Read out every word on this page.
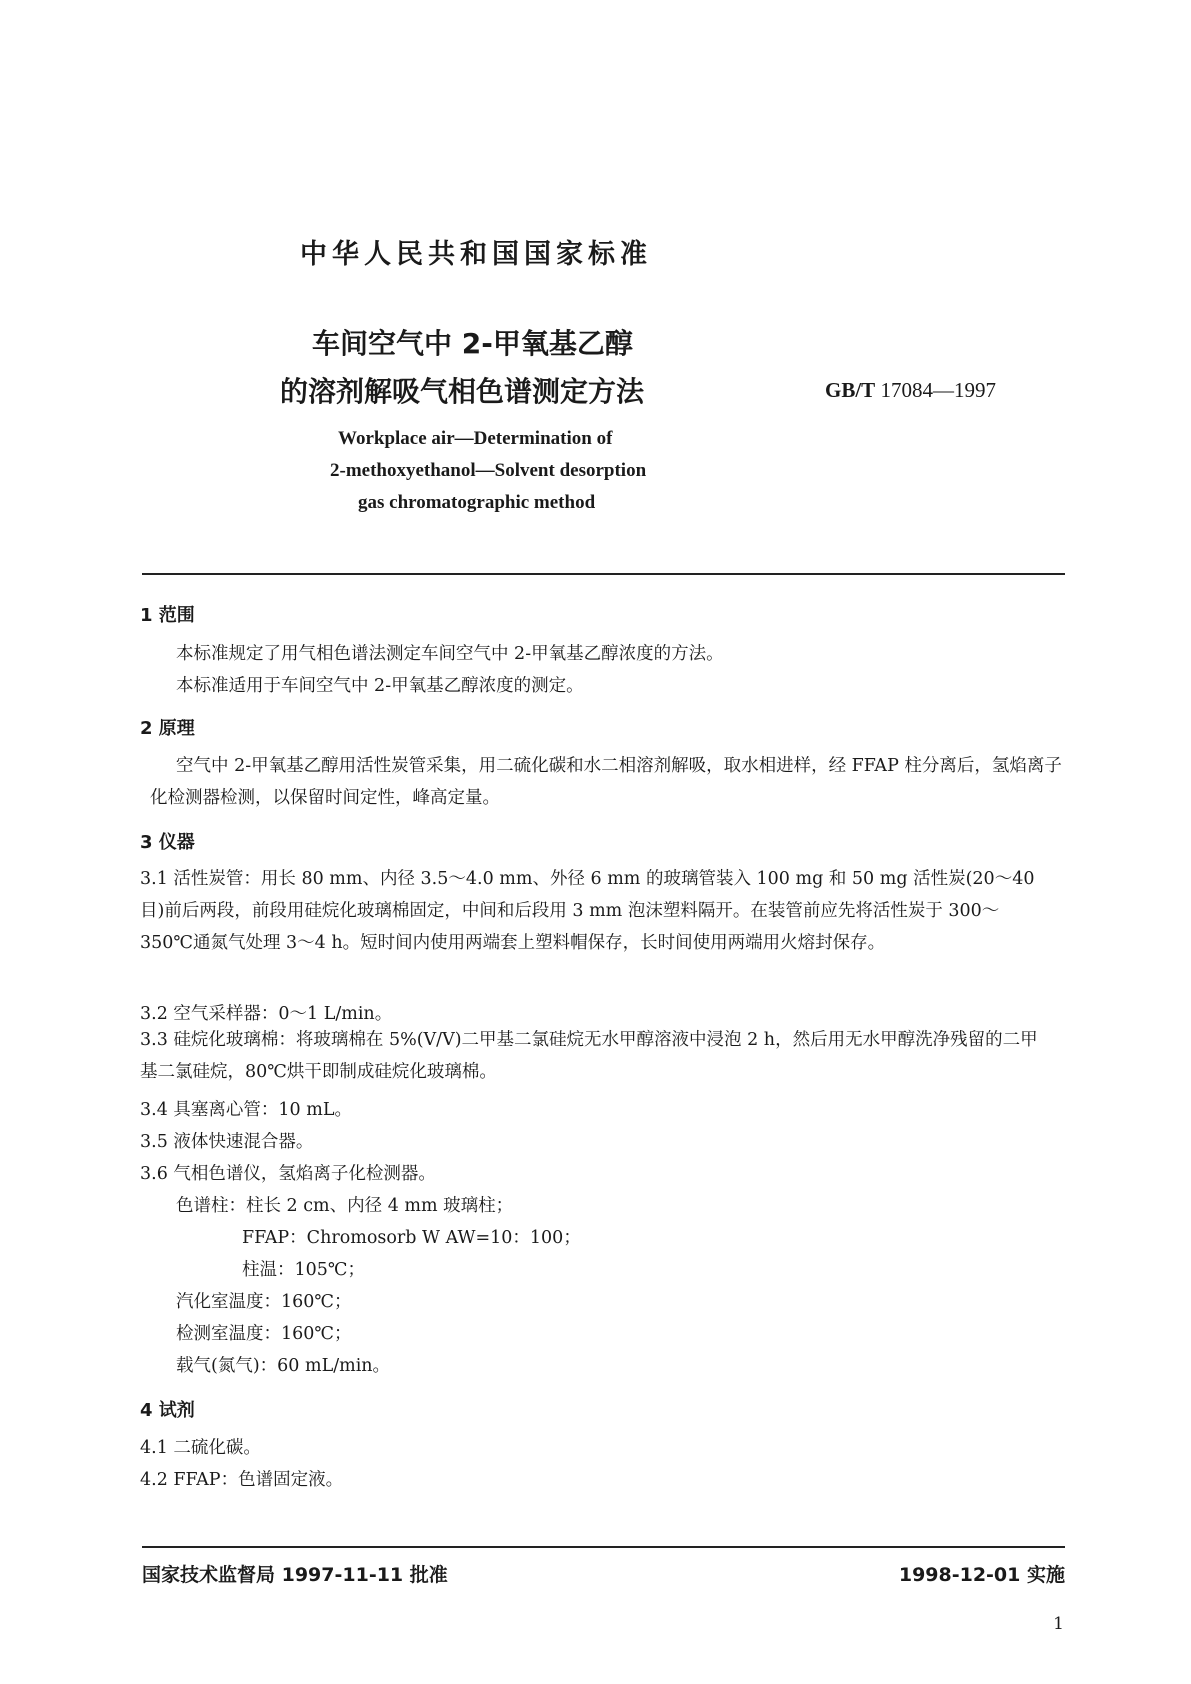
中华人民共和国国家标准
车间空气中 2-甲氧基乙醇
的溶剂解吸气相色谱测定方法	GB/T 17084—1997
Workplace air—Determination of
2-methoxyethanol—Solvent desorption
gas chromatographic method
1 范围
本标准规定了用气相色谱法测定车间空气中 2-甲氧基乙醇浓度的方法。
本标准适用于车间空气中 2-甲氧基乙醇浓度的测定。
2 原理
空气中 2-甲氧基乙醇用活性炭管采集，用二硫化碳和水二相溶剂解吸，取水相进样，经 FFAP 柱分离后，氢焰离子化检测器检测，以保留时间定性，峰高定量。
3 仪器
3.1 活性炭管：用长 80 mm、内径 3.5～4.0 mm、外径 6 mm 的玻璃管装入 100 mg 和 50 mg 活性炭(20～40 目)前后两段，前段用硅烷化玻璃棉固定，中间和后段用 3 mm 泡沫塑料隔开。在装管前应先将活性炭于 300～350℃通氮气处理 3～4 h。短时间内使用两端套上塑料帽保存，长时间使用两端用火熔封保存。
3.2 空气采样器：0～1 L/min。
3.3 硅烷化玻璃棉：将玻璃棉在 5%(V/V)二甲基二氯硅烷无水甲醇溶液中浸泡 2 h，然后用无水甲醇洗净残留的二甲基二氯硅烷，80℃烘干即制成硅烷化玻璃棉。
3.4 具塞离心管：10 mL。
3.5 液体快速混合器。
3.6 气相色谱仪，氢焰离子化检测器。
色谱柱：柱长 2 cm、内径 4 mm 玻璃柱；
FFAP：Chromosorb W AW=10：100；
柱温：105℃；
汽化室温度：160℃；
检测室温度：160℃；
载气(氮气)：60 mL/min。
4 试剂
4.1 二硫化碳。
4.2 FFAP：色谱固定液。
国家技术监督局 1997-11-11 批准	1998-12-01 实施
1
